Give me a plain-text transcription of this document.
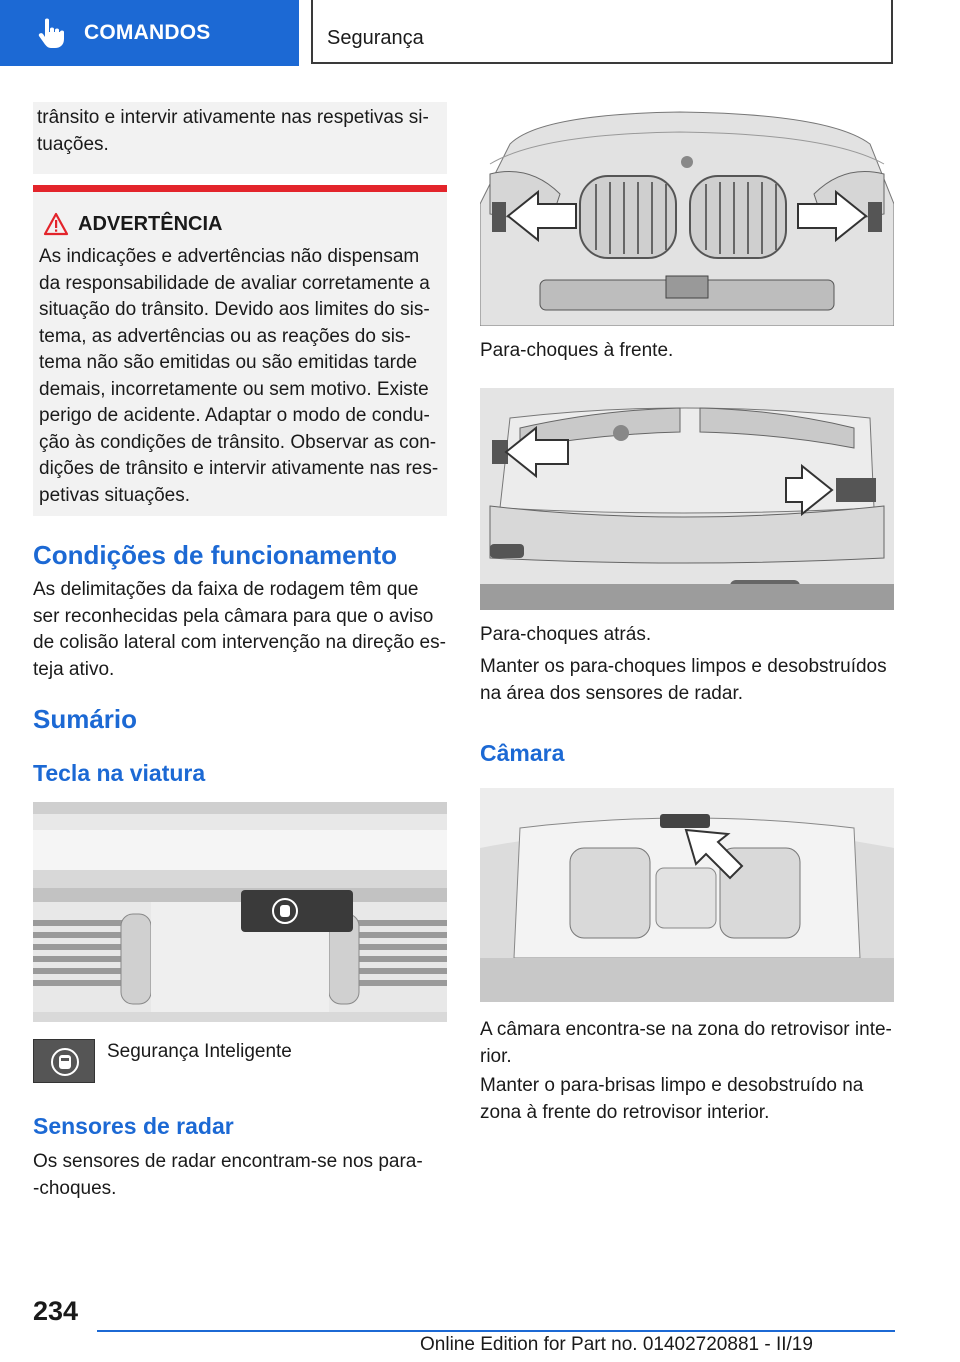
COMANDOS	Segurança
trânsito e intervir ativamente nas respetivas si-
tuações.
ADVERTÊNCIA
As indicações e advertências não dispensam
da responsabilidade de avaliar corretamente a
situação do trânsito. Devido aos limites do sis-
tema, as advertências ou as reações do sis-
tema não são emitidas ou são emitidas tarde
demais, incorretamente ou sem motivo. Existe
perigo de acidente. Adaptar o modo de condu-
ção às condições de trânsito. Observar as con-
dições de trânsito e intervir ativamente nas res-
petivas situações.
Condições de funcionamento
As delimitações da faixa de rodagem têm que
ser reconhecidas pela câmara para que o aviso
de colisão lateral com intervenção na direção es-
teja ativo.
Sumário
Tecla na viatura
Segurança Inteligente
Sensores de radar
Os sensores de radar encontram-se nos para-
-choques.
Para-choques à frente.
Para-choques atrás.
Manter os para-choques limpos e desobstruídos
na área dos sensores de radar.
Câmara
A câmara encontra-se na zona do retrovisor inte-
rior.
Manter o para-brisas limpo e desobstruído na
zona à frente do retrovisor interior.
234
Online Edition for Part no. 01402720881 - II/19
